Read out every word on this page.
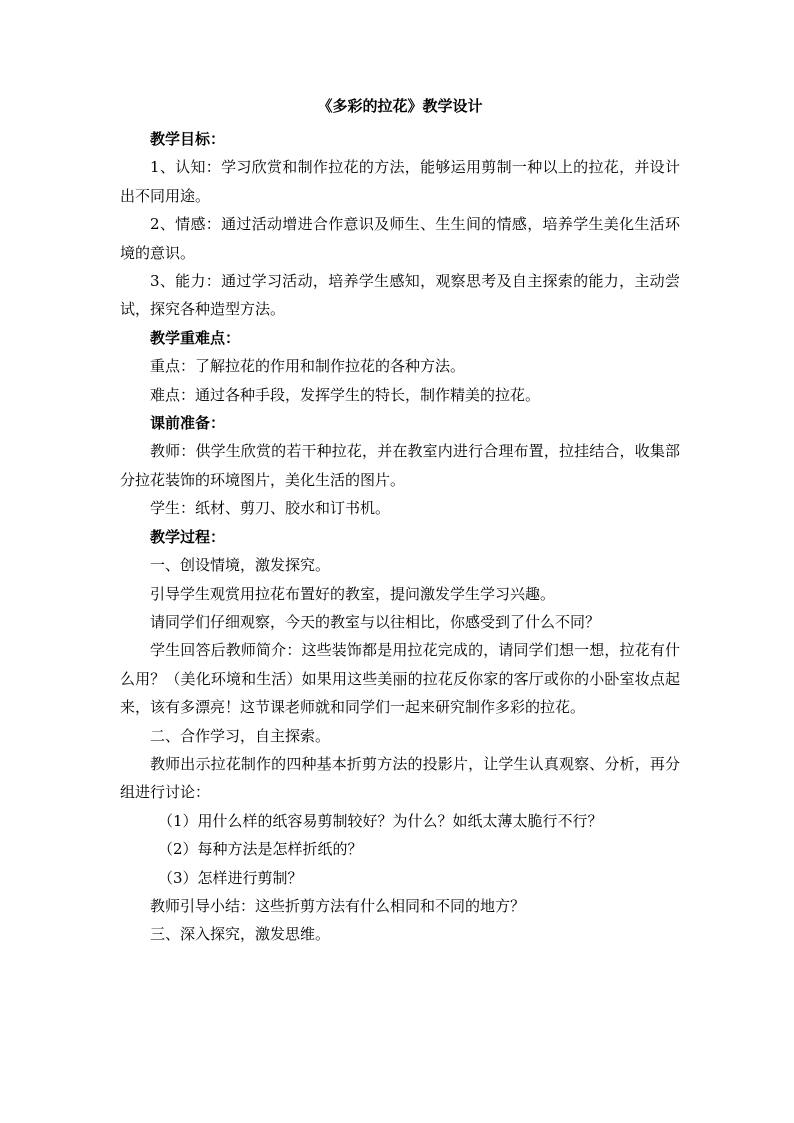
《多彩的拉花》教学设计

教学目标：

1、认知：学习欣赏和制作拉花的方法，能够运用剪制一种以上的拉花，并设计出不同用途。

2、情感：通过活动增进合作意识及师生、生生间的情感，培养学生美化生活环境的意识。

3、能力：通过学习活动，培养学生感知，观察思考及自主探索的能力，主动尝试，探究各种造型方法。

教学重难点：

重点：了解拉花的作用和制作拉花的各种方法。

难点：通过各种手段，发挥学生的特长，制作精美的拉花。

课前准备：

教师：供学生欣赏的若干种拉花，并在教室内进行合理布置，拉挂结合，收集部分拉花装饰的环境图片，美化生活的图片。

学生：纸材、剪刀、胶水和订书机。

教学过程：

一、创设情境，激发探究。

引导学生观赏用拉花布置好的教室，提问激发学生学习兴趣。

请同学们仔细观察，今天的教室与以往相比，你感受到了什么不同？

学生回答后教师简介：这些装饰都是用拉花完成的，请同学们想一想，拉花有什么用？（美化环境和生活）如果用这些美丽的拉花反你家的客厅或你的小卧室妆点起来，该有多漂亮！这节课老师就和同学们一起来研究制作多彩的拉花。

二、合作学习，自主探索。

教师出示拉花制作的四种基本折剪方法的投影片，让学生认真观察、分析，再分组进行讨论：

（1）用什么样的纸容易剪制较好？为什么？如纸太薄太脆行不行？

（2）每种方法是怎样折纸的？

（3）怎样进行剪制？

教师引导小结：这些折剪方法有什么相同和不同的地方？

三、深入探究，激发思维。
